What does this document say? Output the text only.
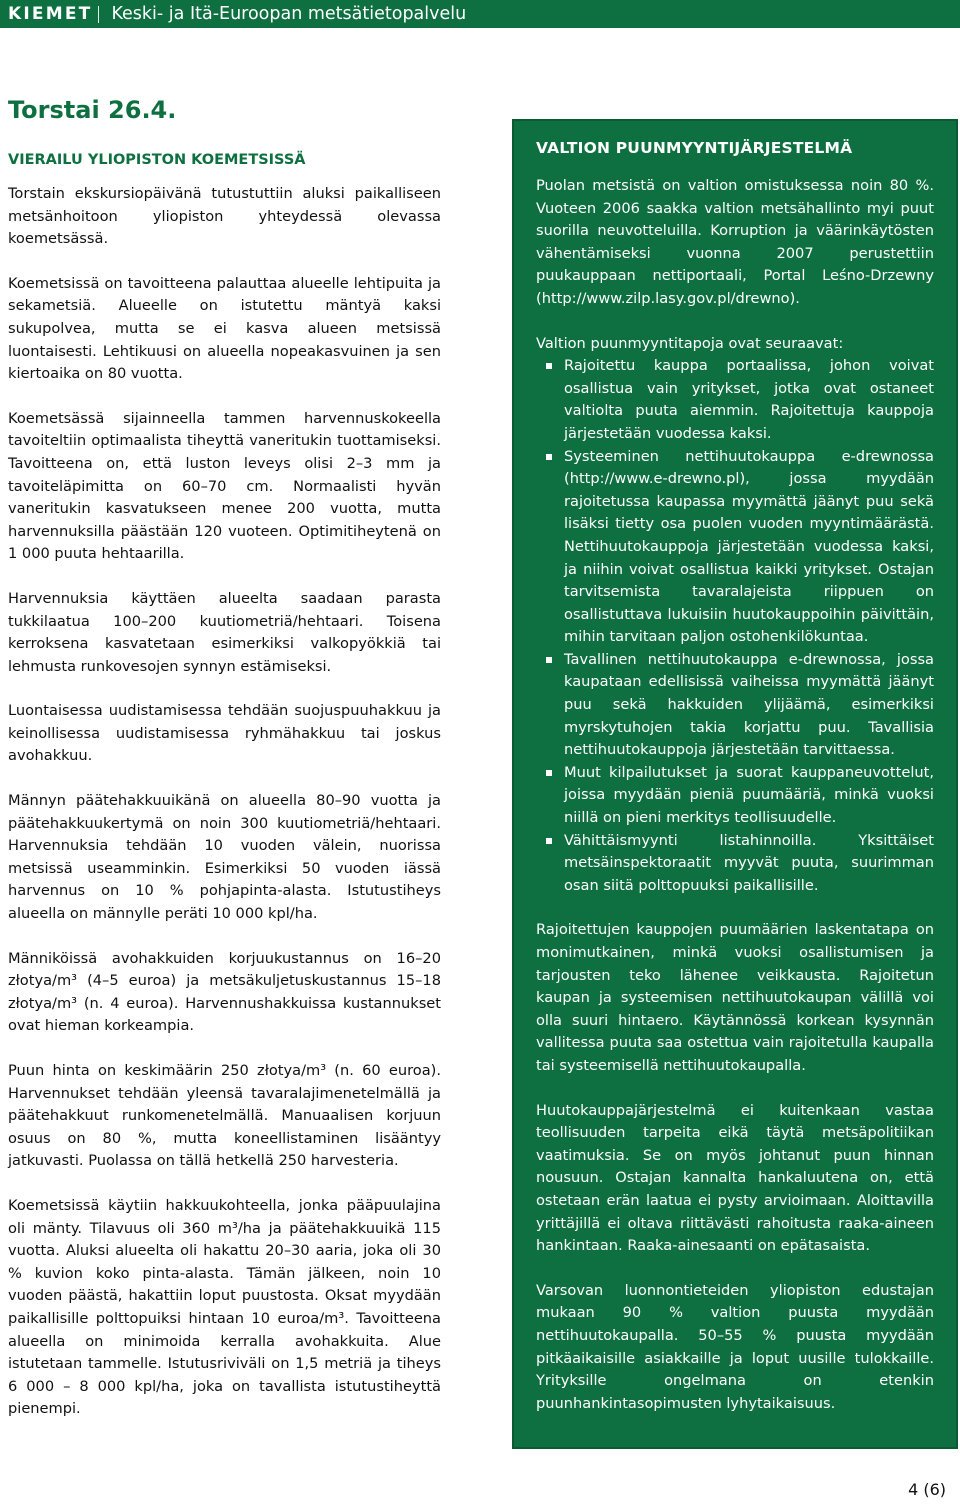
KIEMET Keski- ja Itä-Euroopan metsätietopalvelu
Torstai 26.4.
VIERAILU YLIOPISTON KOEMETSISSÄ

Torstain ekskursiopäivänä tutustuttiin aluksi paikalliseen metsänhoitoon yliopiston yhteydessä olevassa koemetsässä.

Koemetsissä on tavoitteena palauttaa alueelle lehtipuita ja sekametsiä. Alueelle on istutettu mäntyä kaksi sukupolvea, mutta se ei kasva alueen metsissä luontaisesti. Lehtikuusi on alueella nopeakasvuinen ja sen kiertoaika on 80 vuotta.

Koemetsässä sijainneella tammen harvennuskokeella tavoiteltiin optimaalista tiheyttä vaneritukin tuottamiseksi. Tavoitteena on, että luston leveys olisi 2–3 mm ja tavoiteläpimitta on 60–70 cm. Normaalisti hyvän vaneritukin kasvatukseen menee 200 vuotta, mutta harvennuksilla päästään 120 vuoteen. Optimitiheytenä on 1 000 puuta hehtaarilla.

Harvennuksia käyttäen alueelta saadaan parasta tukkilaatua 100–200 kuutiometriä/hehtaari. Toisena kerroksena kasvatetaan esimerkiksi valkopyökkiä tai lehmusta runkovesojen synnyn estämiseksi.

Luontaisessa uudistamisessa tehdään suojuspuuhakkuu ja keinollisessa uudistamisessa ryhmähakkuu tai joskus avohakkuu.

Männyn päätehakkuuikänä on alueella 80–90 vuotta ja päätehakkuukertymä on noin 300 kuutiometriä/hehtaari. Harvennuksia tehdään 10 vuoden välein, nuorissa metsissä useamminkin. Esimerkiksi 50 vuoden iässä harvennus on 10 % pohjapinta-alasta. Istutustiheys alueella on männylle peräti 10 000 kpl/ha.

Männiköissä avohakkuiden korjuukustannus on 16–20 złotya/m³ (4–5 euroa) ja metsäkuljetuskustannus 15–18 złotya/m³ (n. 4 euroa). Harvennushakkuissa kustannukset ovat hieman korkeampia.

Puun hinta on keskimäärin 250 złotya/m³ (n. 60 euroa). Harvennukset tehdään yleensä tavaralajimenetelmällä ja päätehakkuut runkomenetelmällä. Manuaalisen korjuun osuus on 80 %, mutta koneellistaminen lisääntyy jatkuvasti. Puolassa on tällä hetkellä 250 harvesteria.

Koemetsissä käytiin hakkuukohteella, jonka pääpuulajina oli mänty. Tilavuus oli 360 m³/ha ja päätehakkuuikä 115 vuotta. Aluksi alueelta oli hakattu 20–30 aaria, joka oli 30 % kuvion koko pinta-alasta. Tämän jälkeen, noin 10 vuoden päästä, hakattiin loput puustosta. Oksat myydään paikallisille polttopuiksi hintaan 10 euroa/m³. Tavoitteena alueella on minimoida kerralla avohakkuita. Alue istutetaan tammelle. Istutusriviväli on 1,5 metriä ja tiheys 6 000 – 8 000 kpl/ha, joka on tavallista istutustiheyttä pienempi.

VALTION PUUNMYYNTIJÄRJESTELMÄ

Puolan metsistä on valtion omistuksessa noin 80 %. Vuoteen 2006 saakka valtion metsähallinto myi puut suorilla neuvotteluilla. Korruption ja väärinkäytösten vähentämiseksi vuonna 2007 perustettiin puukauppaan nettiportaali, Portal Leśno-Drzewny (http://www.zilp.lasy.gov.pl/drewno).

Valtion puunmyyntitapoja ovat seuraavat:

Rajoitettu kauppa portaalissa, johon voivat osallistua vain yritykset, jotka ovat ostaneet valtiolta puuta aiemmin. Rajoitettuja kauppoja järjestetään vuodessa kaksi.
Systeeminen nettihuutokauppa e-drewnossa (http://www.e-drewno.pl), jossa myydään rajoitetussa kaupassa myymättä jäänyt puu sekä lisäksi tietty osa puolen vuoden myyntimäärästä. Nettihuutokauppoja järjestetään vuodessa kaksi, ja niihin voivat osallistua kaikki yritykset. Ostajan tarvitsemista tavaralajeista riippuen on osallistuttava lukuisiin huutokauppoihin päivittäin, mihin tarvitaan paljon ostohenkilökuntaa.
Tavallinen nettihuutokauppa e-drewnossa, jossa kaupataan edellisissä vaiheissa myymättä jäänyt puu sekä hakkuiden ylijäämä, esimerkiksi myrskytuhojen takia korjattu puu. Tavallisia nettihuutokauppoja järjestetään tarvittaessa.
Muut kilpailutukset ja suorat kauppaneuvottelut, joissa myydään pieniä puumääriä, minkä vuoksi niillä on pieni merkitys teollisuudelle.
Vähittäismyynti listahinnoilla. Yksittäiset metsäinspektoraatit myyvät puuta, suurimman osan siitä polttopuuksi paikallisille.

Rajoitettujen kauppojen puumäärien laskentatapa on monimutkainen, minkä vuoksi osallistumisen ja tarjousten teko lähenee veikkausta. Rajoitetun kaupan ja systeemisen nettihuutokaupan välillä voi olla suuri hintaero. Käytännössä korkean kysynnän vallitessa puuta saa ostettua vain rajoitetulla kaupalla tai systeemisellä nettihuutokaupalla.

Huutokauppajärjestelmä ei kuitenkaan vastaa teollisuuden tarpeita eikä täytä metsäpolitiikan vaatimuksia. Se on myös johtanut puun hinnan nousuun. Ostajan kannalta hankaluutena on, että ostetaan erän laatua ei pysty arvioimaan. Aloittavilla yrittäjillä ei oltava riittävästi rahoitusta raaka-aineen hankintaan. Raaka-ainesaanti on epätasaista.

Varsovan luonnontieteiden yliopiston edustajan mukaan 90 % valtion puusta myydään nettihuutokaupalla. 50–55 % puusta myydään pitkäaikaisille asiakkaille ja loput uusille tulokkaille. Yrityksille ongelmana on etenkin puunhankintasopimusten lyhytaikaisuus.

4 (6)
